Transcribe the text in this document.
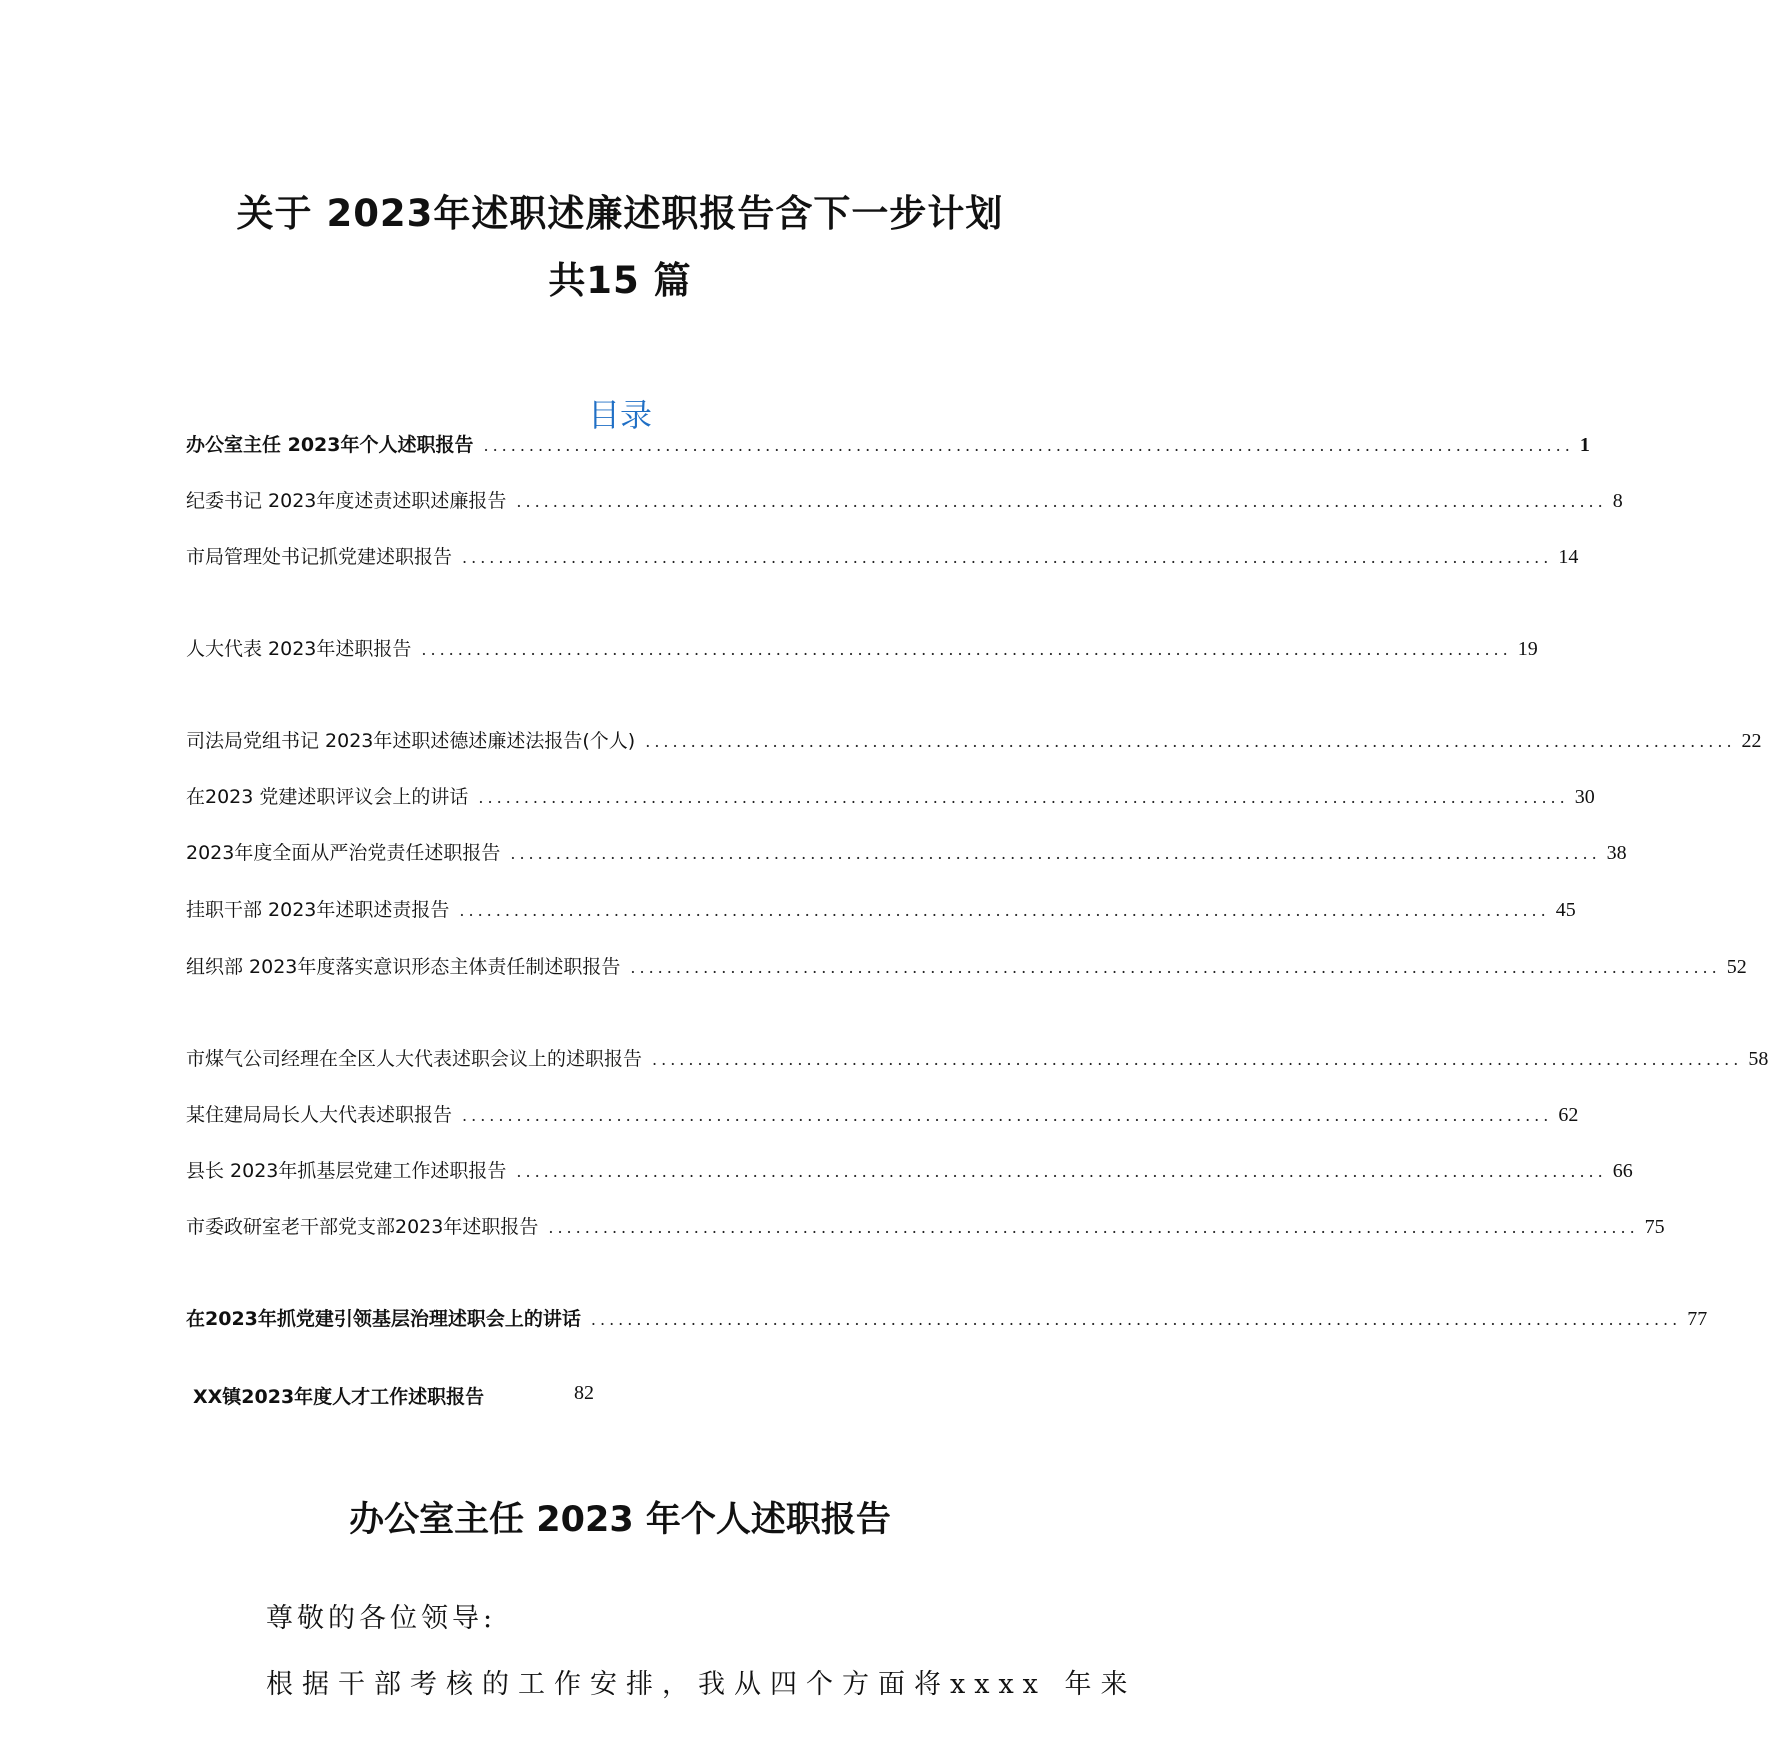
关于 2023年述职述廉述职报告含下一步计划
共15 篇
目录
办公室主任 2023年个人述职报告 ........................................................................................................................ 1
纪委书记 2023年度述责述职述廉报告 ........................................................................................................................ 8
市局管理处书记抓党建述职报告 ........................................................................................................................ 14
人大代表 2023年述职报告 ........................................................................................................................ 19
司法局党组书记 2023年述职述德述廉述法报告(个人) ........................................................................................................................ 22
在2023 党建述职评议会上的讲话 ........................................................................................................................ 30
2023年度全面从严治党责任述职报告 ........................................................................................................................ 38
挂职干部 2023年述职述责报告 ........................................................................................................................ 45
组织部 2023年度落实意识形态主体责任制述职报告 ........................................................................................................................ 52
市煤气公司经理在全区人大代表述职会议上的述职报告 ........................................................................................................................ 58
某住建局局长人大代表述职报告 ........................................................................................................................ 62
县长 2023年抓基层党建工作述职报告 ........................................................................................................................ 66
市委政研室老干部党支部2023年述职报告 ........................................................................................................................ 75
在2023年抓党建引领基层治理述职会上的讲话 ........................................................................................................................ 77
XX镇2023年度人才工作述职报告	82
办公室主任 2023 年个人述职报告
尊敬的各位领导:
根据干部考核的工作安排，我从四个方面将xxxx 年来
